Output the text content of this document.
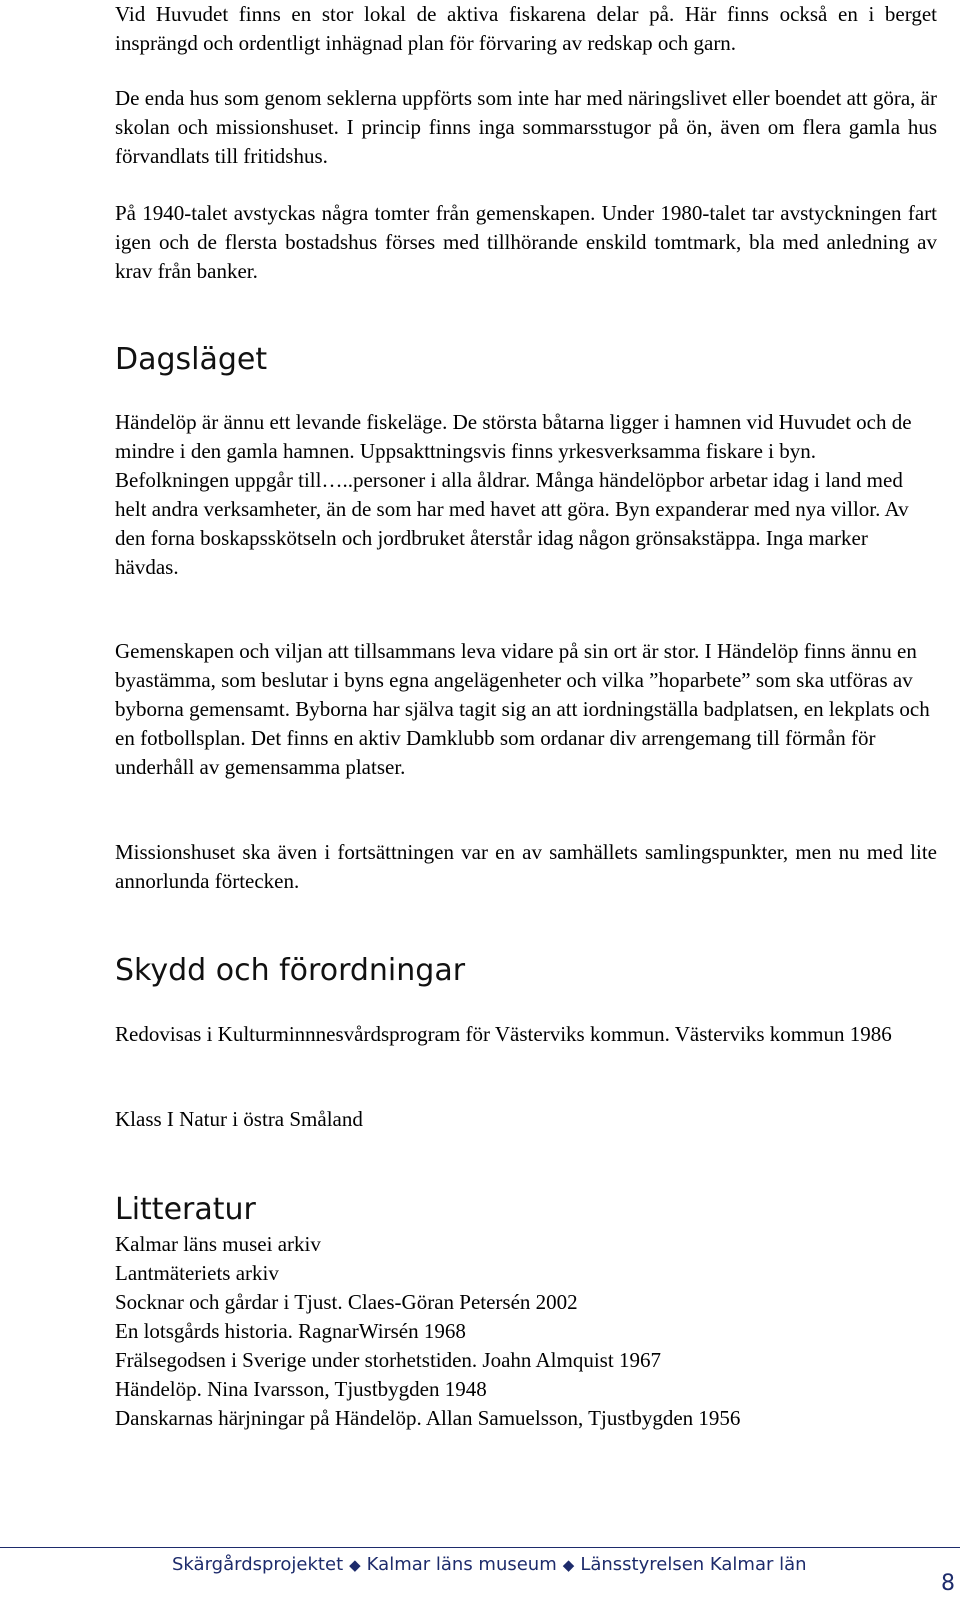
Vid Huvudet finns en stor lokal de aktiva fiskarena delar på. Här finns också en i berget insprängd och ordentligt inhägnad plan för förvaring av redskap och garn.

De enda hus som genom seklerna uppförts som inte har med näringslivet eller boendet att göra, är skolan och missionshuset. I princip finns inga sommarsstugor på ön, även om flera gamla hus förvandlats till fritidshus.

På 1940-talet avstyckas några tomter från gemenskapen. Under 1980-talet tar avstyckningen fart igen och de flersta bostadshus förses med tillhörande enskild tomtmark, bla med anledning av krav från banker.

Dagsläget

Händelöp är ännu ett levande fiskeläge. De största båtarna ligger i hamnen vid Huvudet och de mindre i den gamla hamnen. Uppsakttningsvis finns yrkesverksamma fiskare i byn. Befolkningen uppgår till…..personer i alla åldrar. Många händelöpbor arbetar idag i land med helt andra verksamheter, än de som har med havet att göra. Byn expanderar med nya villor. Av den forna boskapsskötseln och jordbruket återstår idag någon grönsakstäppa. Inga marker hävdas.

Gemenskapen och viljan att tillsammans leva vidare på sin ort är stor. I Händelöp finns ännu en byastämma, som beslutar i byns egna angelägenheter och vilka ”hoparbete” som ska utföras av byborna gemensamt. Byborna har själva tagit sig an att iordningställa badplatsen, en lekplats och en fotbollsplan. Det finns en aktiv Damklubb som ordanar div arrengemang till förmån för underhåll av gemensamma platser.

Missionshuset ska även i fortsättningen var en av samhällets samlingspunkter, men nu med lite annorlunda förtecken.

Skydd och förordningar

Redovisas i Kulturminnnesvårdsprogram för Västerviks kommun. Västerviks kommun 1986

Klass I Natur i östra Småland

Litteratur
Kalmar läns musei arkiv
Lantmäteriets arkiv
Socknar och gårdar i Tjust. Claes-Göran Petersén 2002
En lotsgårds historia. RagnarWirsén 1968
Frälsegodsen i Sverige under storhetstiden. Joahn Almquist 1967
Händelöp. Nina Ivarsson, Tjustbygden 1948
Danskarnas härjningar på Händelöp. Allan Samuelsson, Tjustbygden 1956
Skärgårdsprojektet ◆ Kalmar läns museum ◆ Länsstyrelsen Kalmar län
8
